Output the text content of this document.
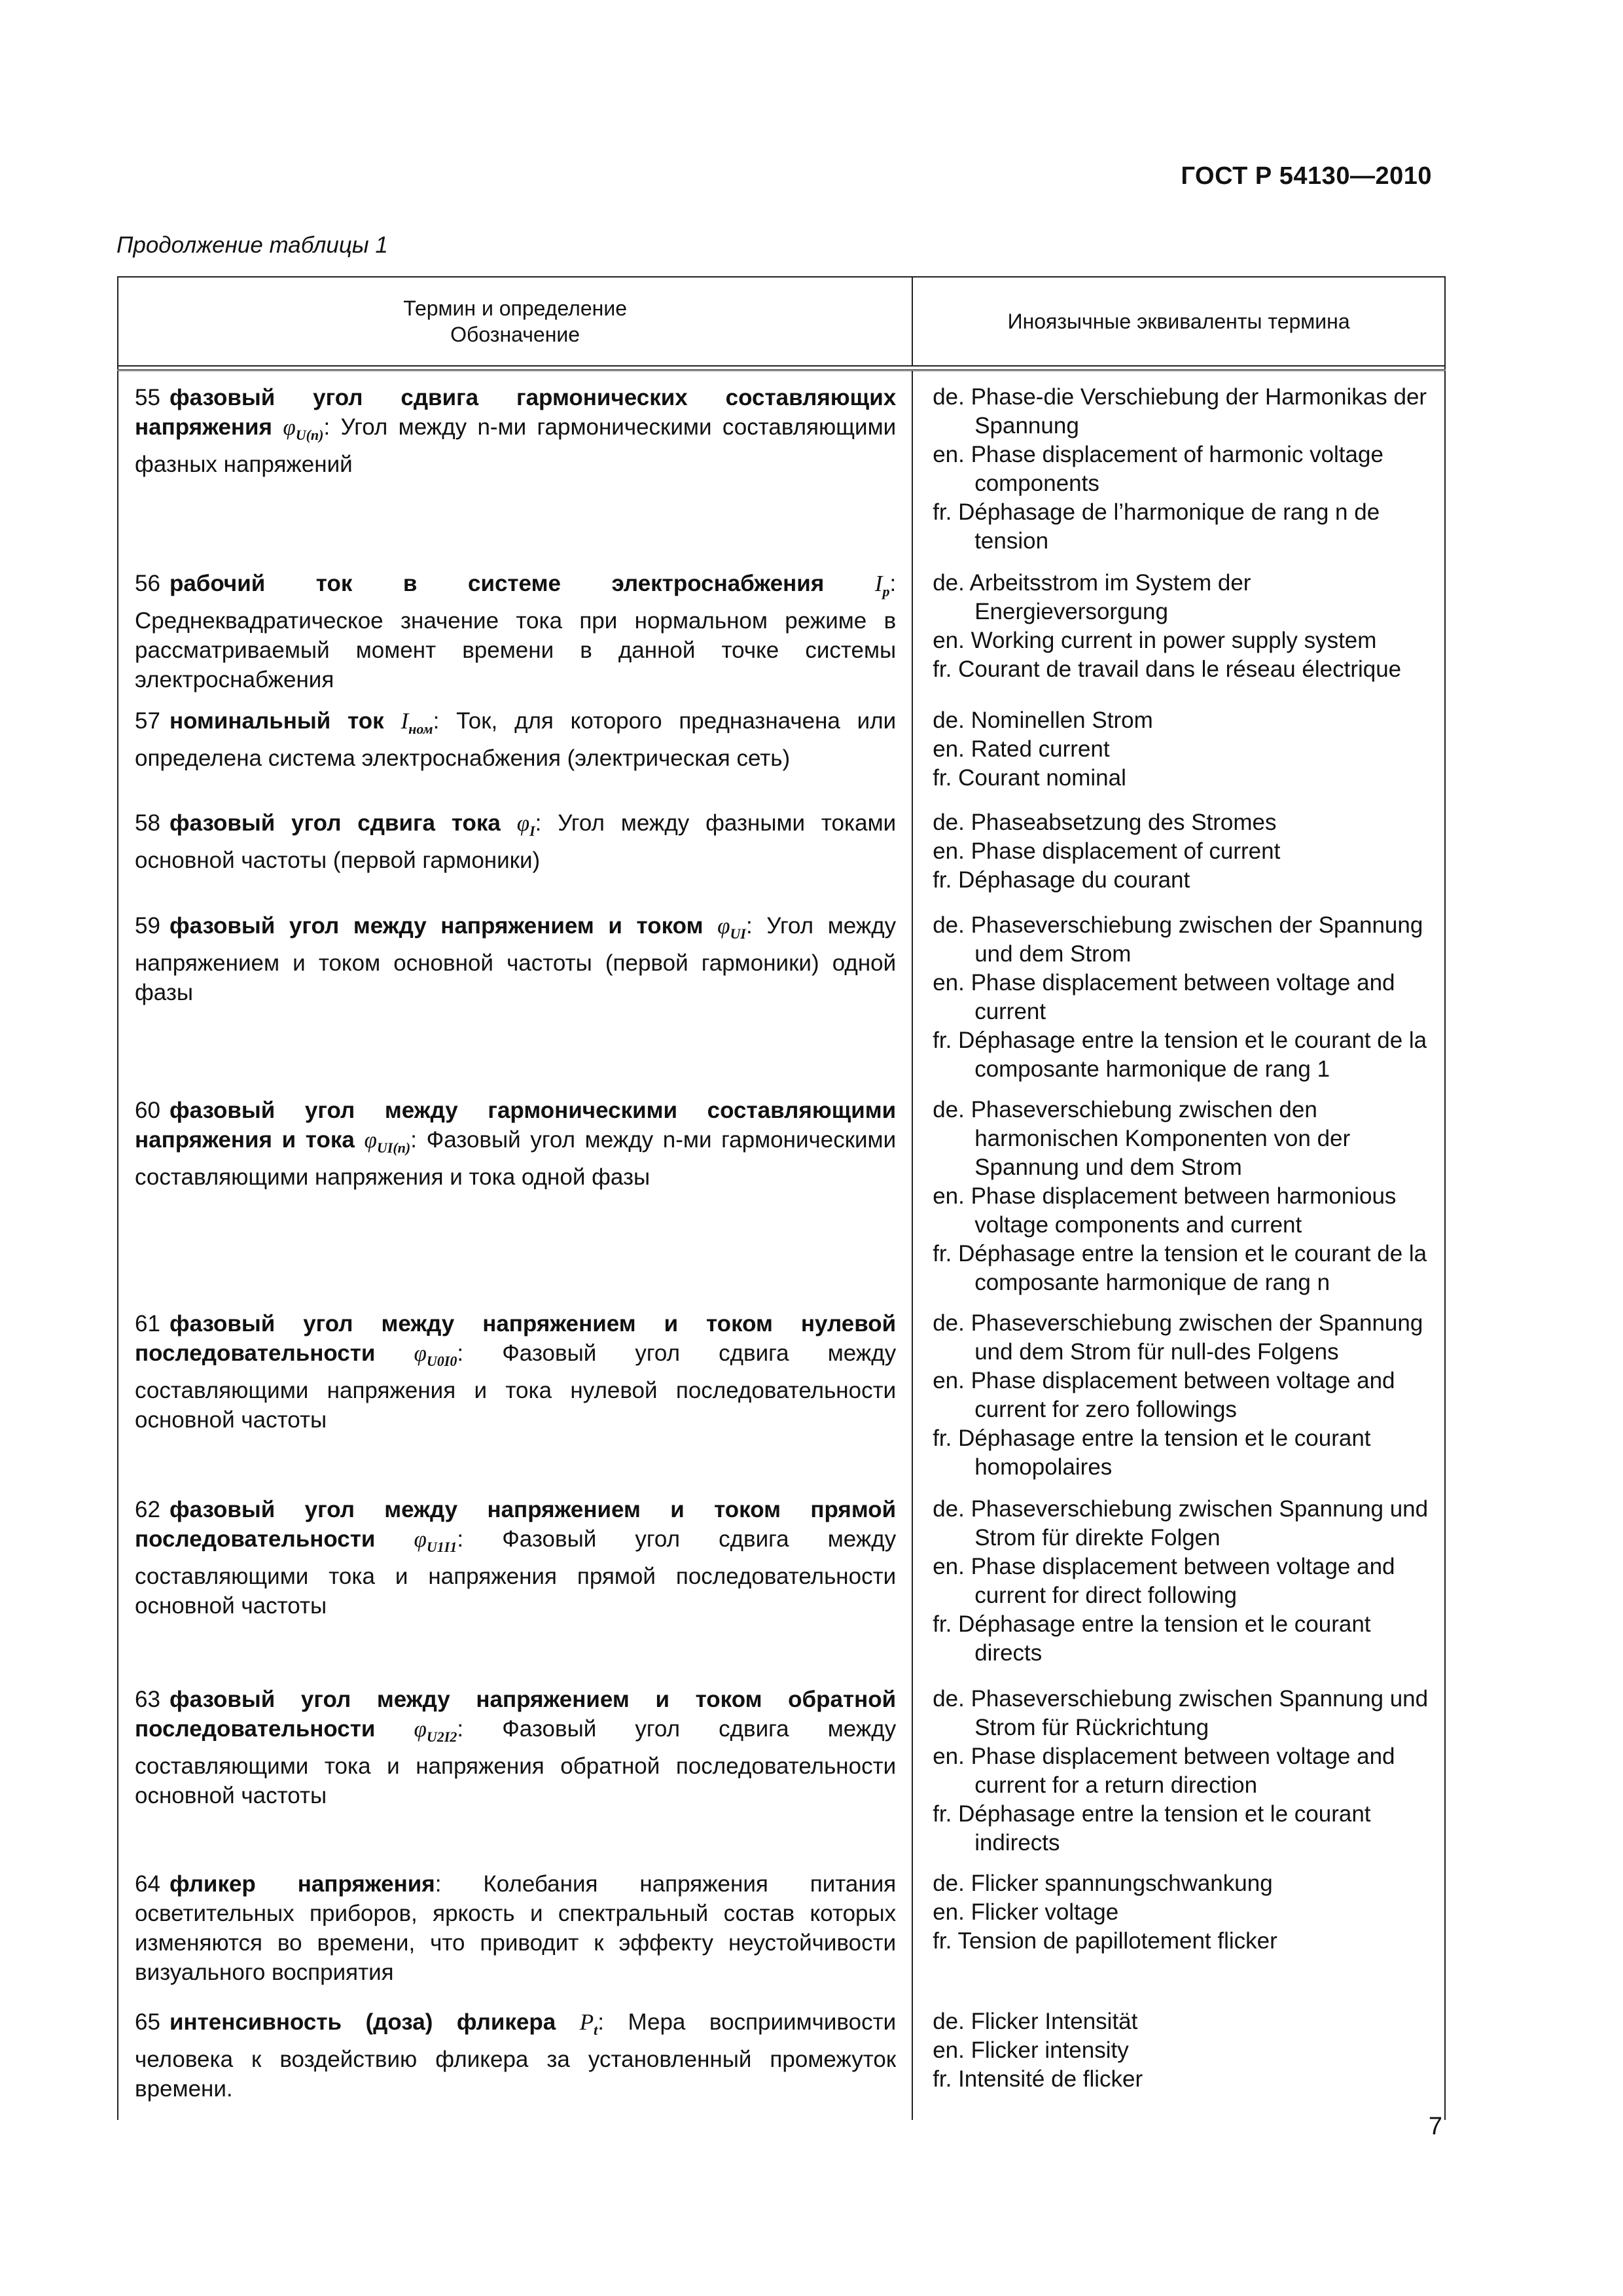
ГОСТ Р 54130—2010
Продолжение таблицы 1
Термин и определение
Обозначение	Иноязычные эквиваленты термина

55 фазовый угол сдвига гармонических составляющих напряжения $\varphi_{U(n)}$: Угол между n-ми гармоническими составляющими фазных напряжений	de. Phase-die Verschiebung der Harmonikas der Spannung
en. Phase displacement of harmonic voltage components
fr. Déphasage de l’harmonique de rang n de tension

56 рабочий ток в системе электроснабжения $I_р$: Среднеквадратическое значение тока при нормальном режиме в рассматриваемый момент времени в данной точке системы электроснабжения	de. Arbeitsstrom im System der Energieversorgung
en. Working current in power supply system
fr. Courant de travail dans le réseau électrique

57 номинальный ток $I_{ном}$: Ток, для которого предназначена или определена система электроснабжения (электрическая сеть)	de. Nominellen Strom
en. Rated current
fr. Courant nominal

58 фазовый угол сдвига тока $\varphi_I$: Угол между фазными токами основной частоты (первой гармоники)	de. Phaseabsetzung des Stromes
en. Phase displacement of current
fr. Déphasage du courant

59 фазовый угол между напряжением и током $\varphi_{UI}$: Угол между напряжением и током основной частоты (первой гармоники) одной фазы	de. Phaseverschiebung zwischen der Spannung und dem Strom
en. Phase displacement between voltage and current
fr. Déphasage entre la tension et le courant de la composante harmonique de rang 1

60 фазовый угол между гармоническими составляющими напряжения и тока $\varphi_{UI(n)}$: Фазовый угол между n-ми гармоническими составляющими напряжения и тока одной фазы	de. Phaseverschiebung zwischen den harmonischen Komponenten von der Spannung und dem Strom
en. Phase displacement between harmonious voltage components and current
fr. Déphasage entre la tension et le courant de la composante harmonique de rang n

61 фазовый угол между напряжением и током нулевой последовательности $\varphi_{U0I0}$: Фазовый угол сдвига между составляющими напряжения и тока нулевой последовательности основной частоты	de. Phaseverschiebung zwischen der Spannung und dem Strom für null-des Folgens
en. Phase displacement between voltage and current for zero followings
fr. Déphasage entre la tension et le courant homopolaires

62 фазовый угол между напряжением и током прямой последовательности $\varphi_{U1I1}$: Фазовый угол сдвига между составляющими тока и напряжения прямой последовательности основной частоты	de. Phaseverschiebung zwischen Spannung und Strom für direkte Folgen
en. Phase displacement between voltage and current for direct following
fr. Déphasage entre la tension et le courant directs

63 фазовый угол между напряжением и током обратной последовательности $\varphi_{U2I2}$: Фазовый угол сдвига между составляющими тока и напряжения обратной последовательности основной частоты	de. Phaseverschiebung zwischen Spannung und Strom für Rückrichtung
en. Phase displacement between voltage and current for a return direction
fr. Déphasage entre la tension et le courant indirects

64 фликер напряжения: Колебания напряжения питания осветительных приборов, яркость и спектральный состав которых изменяются во времени, что приводит к эффекту неустойчивости визуального восприятия	de. Flicker spannungschwankung
en. Flicker voltage
fr. Tension de papillotement flicker

65 интенсивность (доза) фликера $P_t$: Мера восприимчивости человека к воздействию фликера за установленный промежуток времени.	de. Flicker Intensität
en. Flicker intensity
fr. Intensité de flicker
7
